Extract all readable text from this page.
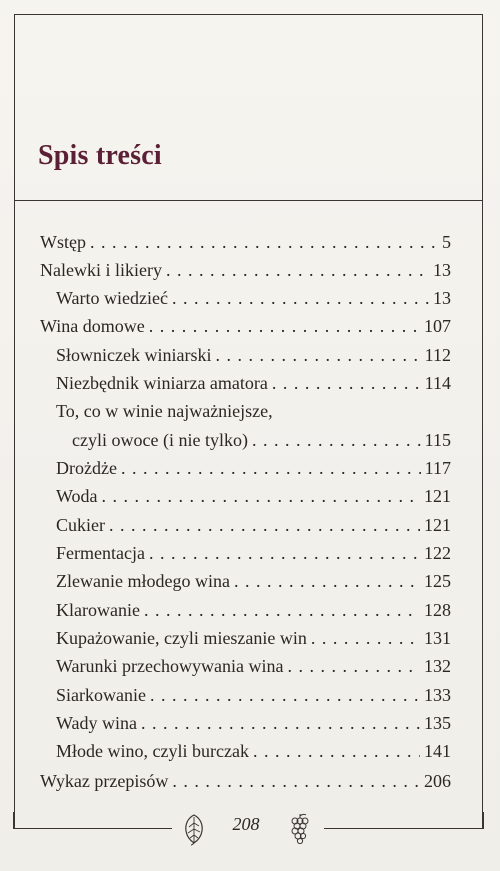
Spis treści
Wstęp . . .	5
Nalewki i likiery . . .	13
Warto wiedzieć . . .	13
Wina domowe . . .	107
Słowniczek winiarski . . .	112
Niezbędnik winiarza amatora . . .	114
To, co w winie najważniejsze,
czyli owoce (i nie tylko) . . .	115
Drożdże . . .	117
Woda . . .	121
Cukier . . .	121
Fermentacja . . .	122
Zlewanie młodego wina . . .	125
Klarowanie . . .	128
Kupażowanie, czyli mieszanie win . . .	131
Warunki przechowywania wina . . .	132
Siarkowanie . . .	133
Wady wina . . .	135
Młode wino, czyli burczak . . .	141
Wykaz przepisów . . .	206
208
